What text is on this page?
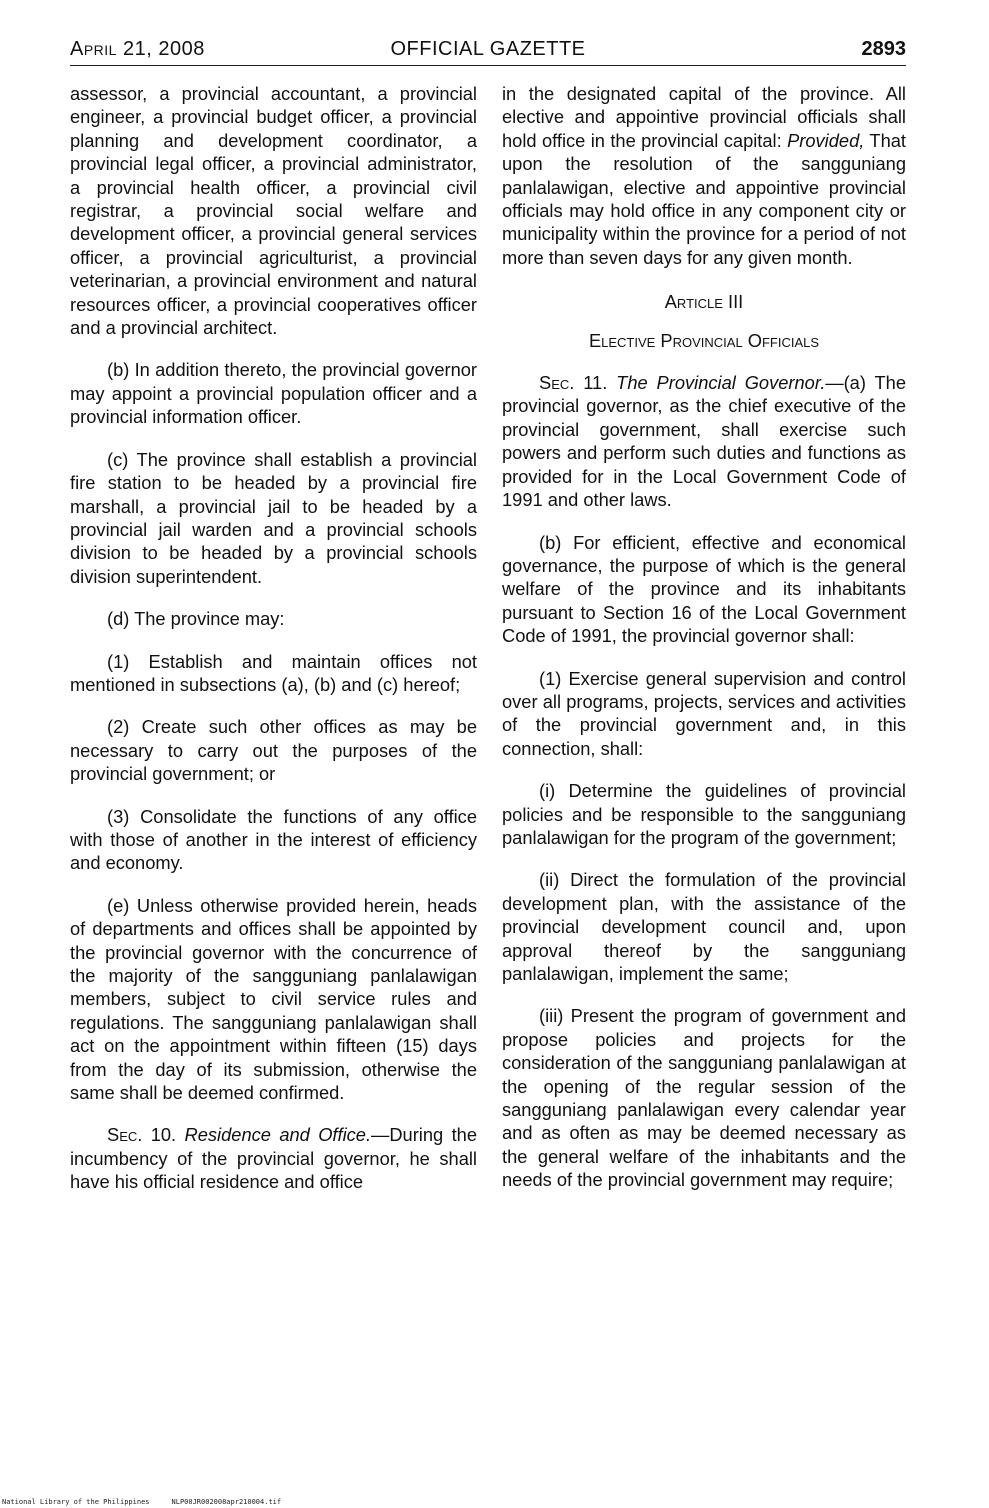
April 21, 2008	OFFICIAL GAZETTE	2893

assessor, a provincial accountant, a provincial engineer, a provincial budget officer, a provincial planning and development coordinator, a provincial legal officer, a provincial administrator, a provincial health officer, a provincial civil registrar, a provincial social welfare and development officer, a provincial general services officer, a provincial agriculturist, a provincial veterinarian, a provincial environment and natural resources officer, a provincial cooperatives officer and a provincial architect.

(b) In addition thereto, the provincial governor may appoint a provincial population officer and a provincial information officer.

(c) The province shall establish a provincial fire station to be headed by a provincial fire marshall, a provincial jail to be headed by a provincial jail warden and a provincial schools division to be headed by a provincial schools division superintendent.

(d) The province may:

(1) Establish and maintain offices not mentioned in subsections (a), (b) and (c) hereof;

(2) Create such other offices as may be necessary to carry out the purposes of the provincial government; or

(3) Consolidate the functions of any office with those of another in the interest of efficiency and economy.

(e) Unless otherwise provided herein, heads of departments and offices shall be appointed by the provincial governor with the concurrence of the majority of the sangguniang panlalawigan members, subject to civil service rules and regulations. The sangguniang panlalawigan shall act on the appointment within fifteen (15) days from the day of its submission, otherwise the same shall be deemed confirmed.

Sec. 10. Residence and Office.—During the incumbency of the provincial governor, he shall have his official residence and office

in the designated capital of the province. All elective and appointive provincial officials shall hold office in the provincial capital: Provided, That upon the resolution of the sangguniang panlalawigan, elective and appointive provincial officials may hold office in any component city or municipality within the province for a period of not more than seven days for any given month.

Article III

Elective Provincial Officials

Sec. 11. The Provincial Governor.—(a) The provincial governor, as the chief executive of the provincial government, shall exercise such powers and perform such duties and functions as provided for in the Local Government Code of 1991 and other laws.

(b) For efficient, effective and economical governance, the purpose of which is the general welfare of the province and its inhabitants pursuant to Section 16 of the Local Government Code of 1991, the provincial governor shall:

(1) Exercise general supervision and control over all programs, projects, services and activities of the provincial government and, in this connection, shall:

(i) Determine the guidelines of provincial policies and be responsible to the sangguniang panlalawigan for the program of the government;

(ii) Direct the formulation of the provincial development plan, with the assistance of the provincial development council and, upon approval thereof by the sangguniang panlalawigan, implement the same;

(iii) Present the program of government and propose policies and projects for the consideration of the sangguniang panlalawigan at the opening of the regular session of the sangguniang panlalawigan every calendar year and as often as may be deemed necessary as the general welfare of the inhabitants and the needs of the provincial government may require;

National Library of the Philippines	NLP00JR002008apr210004.tif
